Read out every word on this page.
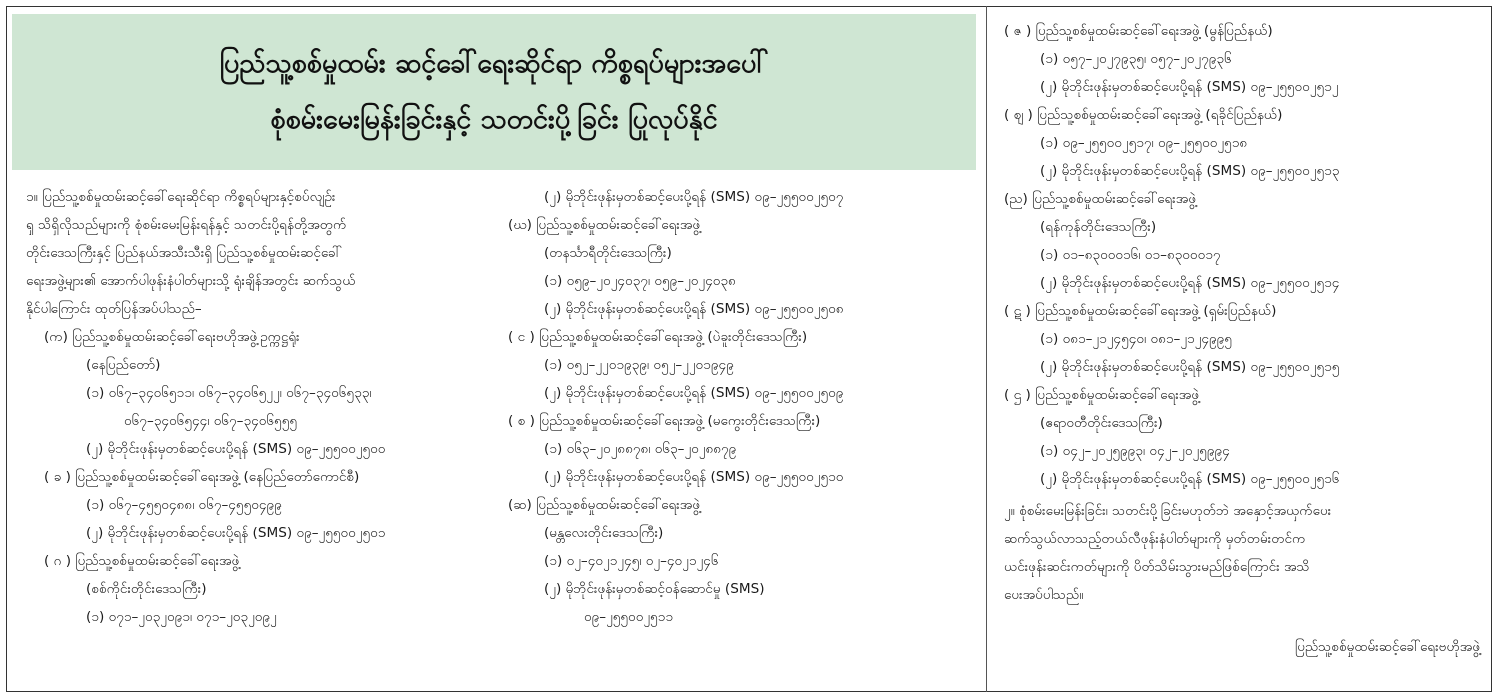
ပြည်သူ့စစ်မှုထမ်း ဆင့်ခေါ်ရေးဆိုင်ရာ ကိစ္စရပ်များအပေါ်
စုံစမ်းမေးမြန်းခြင်းနှင့် သတင်းပို့ခြင်း ပြုလုပ်နိုင်
၁။ ပြည်သူ့စစ်မှုထမ်းဆင့်ခေါ်ရေးဆိုင်ရာ ကိစ္စရပ်များနှင့်စပ်လျဉ်း
ၡ သိရှိလိုသည်များကို စုံစမ်းမေးမြန်းရန်နှင့် သတင်းပို့ရန်တို့အတွက်
တိုင်းဒေသကြီးနှင့် ပြည်နယ်အသီးသီးရှိ ပြည်သူ့စစ်မှုထမ်းဆင့်ခေါ်
ရေးအဖွဲ့များ၏ အောက်ပါဖုန်းနံပါတ်များသို့ ရုံးချိန်အတွင်း ဆက်သွယ်
နိုင်ပါကြောင်း ထုတ်ပြန်အပ်ပါသည်–
(က) ပြည်သူ့စစ်မှုထမ်းဆင့်ခေါ်ရေးဗဟိုအဖွဲ့ဥက္ကဋ္ဌရုံး
(နေပြည်တော်)
(၁) ၀၆၇–၃၄၀၆၅၁၁၊ ၀၆၇–၃၄၀၆၅၂၂၊ ၀၆၇–၃၄၀၆၅၃၃၊
၀၆၇–၃၄၀၆၅၄၄၊ ၀၆၇–၃၄၀၆၅၅၅
(၂) မိုဘိုင်းဖုန်းမှတစ်ဆင့်ပေးပို့ရန် (SMS) ၀၉–၂၅၅၀၀၂၅၀၀
( ခ ) ပြည်သူ့စစ်မှုထမ်းဆင့်ခေါ်ရေးအဖွဲ့ (နေပြည်တော်ကောင်စီ)
(၁) ၀၆၇–၄၅၅၀၄၈၈၊ ၀၆၇–၄၅၅၀၄၉၉
(၂) မိုဘိုင်းဖုန်းမှတစ်ဆင့်ပေးပို့ရန် (SMS) ၀၉–၂၅၅၀၀၂၅၀၁
( ဂ ) ပြည်သူ့စစ်မှုထမ်းဆင့်ခေါ်ရေးအဖွဲ့
(စစ်ကိုင်းတိုင်းဒေသကြီး)
(၁) ၀၇၁–၂၀၃၂၀၉၁၊ ၀၇၁–၂၀၃၂၀၉၂
(၂) မိုဘိုင်းဖုန်းမှတစ်ဆင့်ပေးပို့ရန် (SMS) ၀၉–၂၅၅၀၀၂၅၀၇
(ဃ) ပြည်သူ့စစ်မှုထမ်းဆင့်ခေါ်ရေးအဖွဲ့
(တနင်္သာရီတိုင်းဒေသကြီး)
(၁) ၀၅၉–၂၀၂၄၀၃၇၊ ၀၅၉–၂၀၂၄၀၃၈
(၂) မိုဘိုင်းဖုန်းမှတစ်ဆင့်ပေးပို့ရန် (SMS) ၀၉–၂၅၅၀၀၂၅၀၈
( င ) ပြည်သူ့စစ်မှုထမ်းဆင့်ခေါ်ရေးအဖွဲ့ (ပဲခူးတိုင်းဒေသကြီး)
(၁) ၀၅၂–၂၂၀၁၉၃၉၊ ၀၅၂–၂၂၀၁၉၄၉
(၂) မိုဘိုင်းဖုန်းမှတစ်ဆင့်ပေးပို့ရန် (SMS) ၀၉–၂၅၅၀၀၂၅၀၉
( စ ) ပြည်သူ့စစ်မှုထမ်းဆင့်ခေါ်ရေးအဖွဲ့ (မကွေးတိုင်းဒေသကြီး)
(၁) ၀၆၃–၂၀၂၈၈၇၈၊ ၀၆၃–၂၀၂၈၈၇၉
(၂) မိုဘိုင်းဖုန်းမှတစ်ဆင့်ပေးပို့ရန် (SMS) ၀၉–၂၅၅၀၀၂၅၁၀
(ဆ) ပြည်သူ့စစ်မှုထမ်းဆင့်ခေါ်ရေးအဖွဲ့
(မန္တလေးတိုင်းဒေသကြီး)
(၁) ၀၂–၄၀၂၁၂၄၅၊ ၀၂–၄၀၂၁၂၄၆
(၂) မိုဘိုင်းဖုန်းမှတစ်ဆင့်ဝန်ဆောင်မှု (SMS)
၀၉–၂၅၅၀၀၂၅၁၁
( ဇ ) ပြည်သူ့စစ်မှုထမ်းဆင့်ခေါ်ရေးအဖွဲ့ (မွန်ပြည်နယ်)
(၁) ၀၅၇–၂၀၂၇၉၃၅၊ ၀၅၇–၂၀၂၇၉၃၆
(၂) မိုဘိုင်းဖုန်းမှတစ်ဆင့်ပေးပို့ရန် (SMS) ၀၉–၂၅၅၀၀၂၅၁၂
( ဈ ) ပြည်သူ့စစ်မှုထမ်းဆင့်ခေါ်ရေးအဖွဲ့ (ရခိုင်ပြည်နယ်)
(၁) ၀၉–၂၅၅၀၀၂၅၁၇၊ ၀၉–၂၅၅၀၀၂၅၁၈
(၂) မိုဘိုင်းဖုန်းမှတစ်ဆင့်ပေးပို့ရန် (SMS) ၀၉–၂၅၅၀၀၂၅၁၃
(ည) ပြည်သူ့စစ်မှုထမ်းဆင့်ခေါ်ရေးအဖွဲ့
(ရန်ကုန်တိုင်းဒေသကြီး)
(၁) ၀၁–၈၃၀၀၀၁၆၊ ၀၁–၈၃၀၀၀၁၇
(၂) မိုဘိုင်းဖုန်းမှတစ်ဆင့်ပေးပို့ရန် (SMS) ၀၉–၂၅၅၀၀၂၅၁၄
( ဋ ) ပြည်သူ့စစ်မှုထမ်းဆင့်ခေါ်ရေးအဖွဲ့ (ရှမ်းပြည်နယ်)
(၁) ၀၈၁–၂၁၂၄၅၄၀၊ ၀၈၁–၂၁၂၄၉၉၅
(၂) မိုဘိုင်းဖုန်းမှတစ်ဆင့်ပေးပို့ရန် (SMS) ၀၉–၂၅၅၀၀၂၅၁၅
( ဌ ) ပြည်သူ့စစ်မှုထမ်းဆင့်ခေါ်ရေးအဖွဲ့
(ဧရာဝတီတိုင်းဒေသကြီး)
(၁) ၀၄၂–၂၀၂၅၉၉၃၊ ၀၄၂–၂၀၂၅၉၉၄
(၂) မိုဘိုင်းဖုန်းမှတစ်ဆင့်ပေးပို့ရန် (SMS) ၀၉–၂၅၅၀၀၂၅၁၆
၂။ စုံစမ်းမေးမြန်းခြင်း၊ သတင်းပို့ခြင်းမဟုတ်ဘဲ အနှောင့်အယှက်ပေး
ဆက်သွယ်လာသည့်တယ်လီဖုန်းနံပါတ်များကို မှတ်တမ်းတင်က
ယင်းဖုန်းဆင်းကတ်များကို ပိတ်သိမ်းသွားမည်ဖြစ်ကြောင်း အသိ
ပေးအပ်ပါသည်။
ပြည်သူ့စစ်မှုထမ်းဆင့်ခေါ်ရေးဗဟိုအဖွဲ့
